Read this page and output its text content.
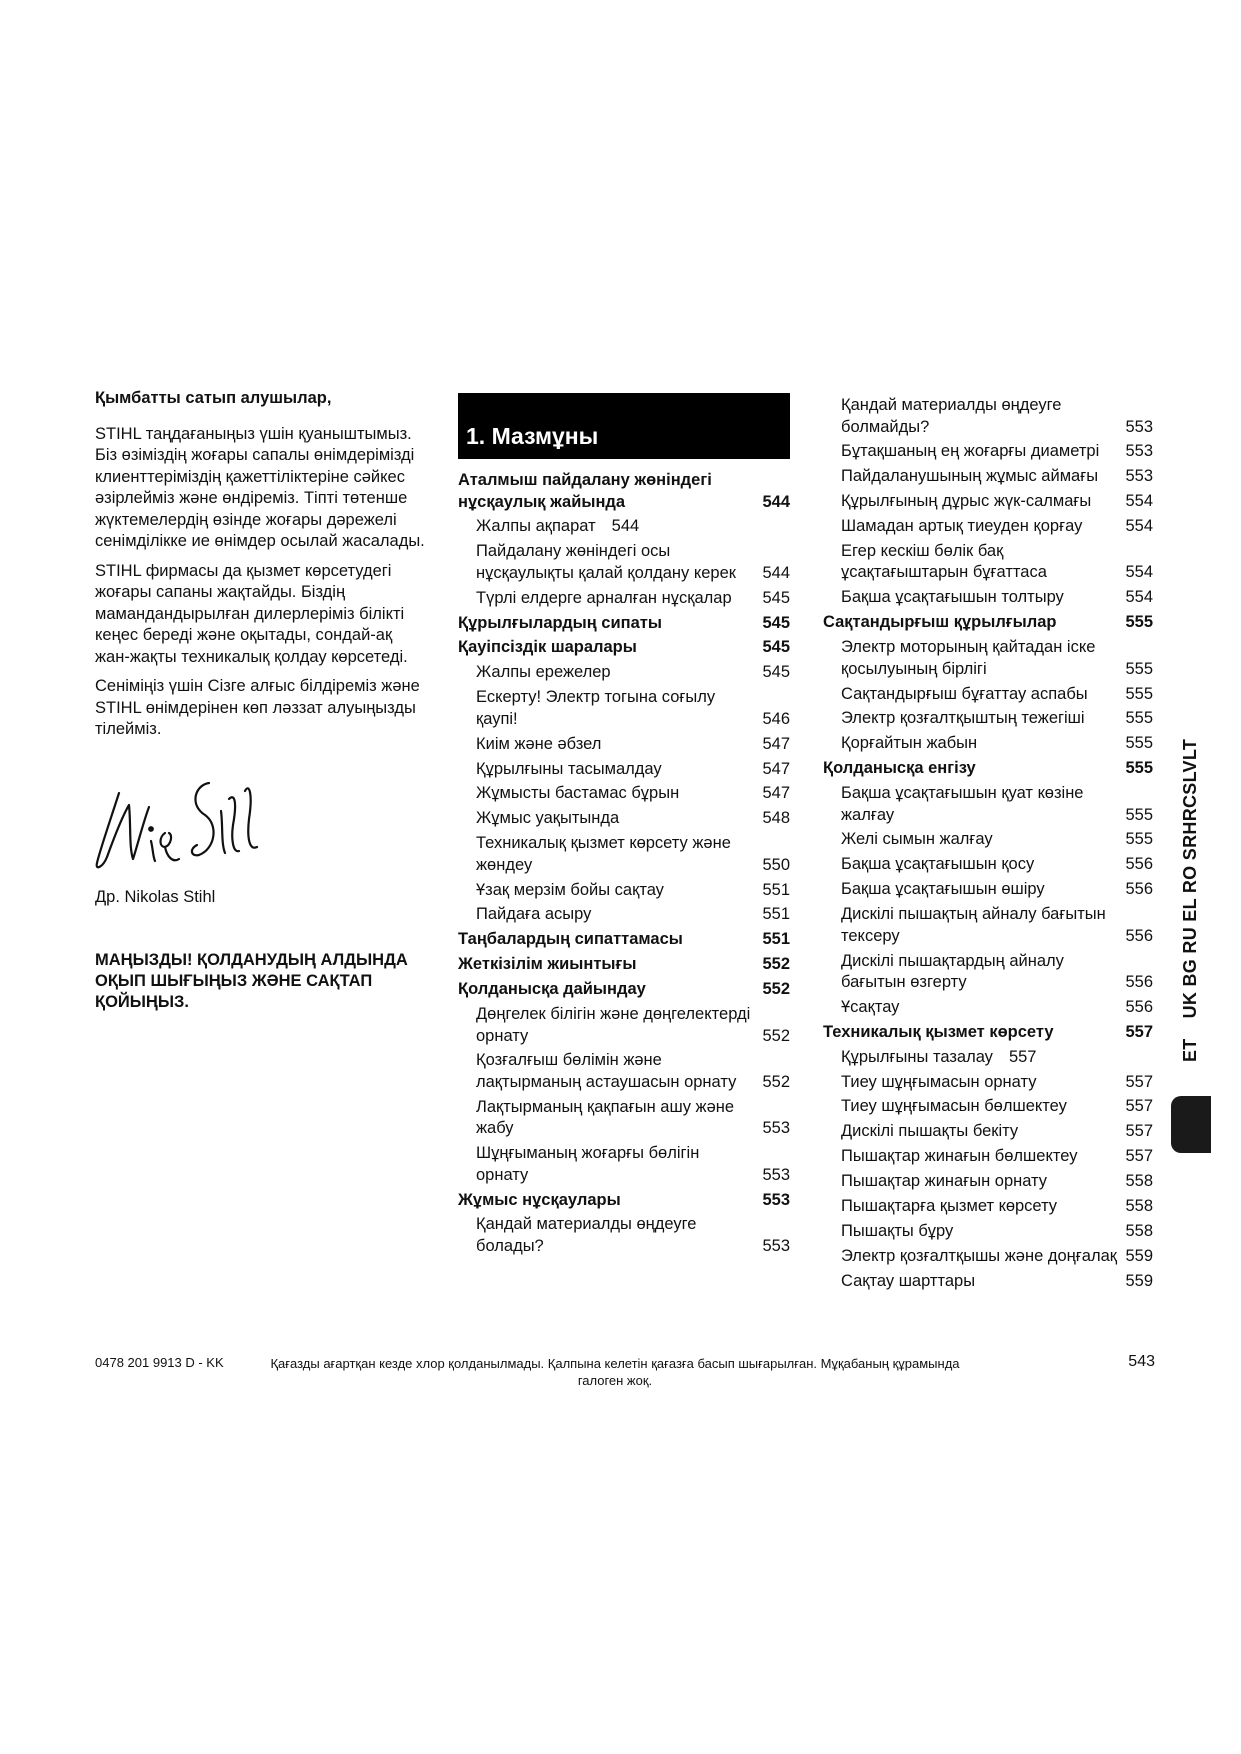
Қымбатты сатып алушылар,

STIHL таңдағаныңыз үшін қуаныштымыз. Біз өзіміздің жоғары сапалы өнімдерімізді клиенттеріміздің қажеттіліктеріне сәйкес әзірлейміз және өндіреміз. Тіпті төтенше жүктемелердің өзінде жоғары дәрежелі сенімділікке ие өнімдер осылай жасалады.

STIHL фирмасы да қызмет көрсетудегі жоғары сапаны жақтайды. Біздің мамандандырылған дилерлеріміз білікті кеңес береді және оқытады, сондай-ақ жан-жақты техникалық қолдау көрсетеді.

Сеніміңіз үшін Сізге алғыс білдіреміз және STIHL өнімдерінен көп ләззат алуыңызды тілейміз.

Др. Nikolas Stihl

МАҢЫЗДЫ! ҚОЛДАНУДЫҢ АЛДЫНДА ОҚЫП ШЫҒЫҢЫЗ ЖӘНЕ САҚТАП ҚОЙЫҢЫЗ.
1. Мазмұны
Аталмыш пайдалану жөніндегі нұсқаулық жайында	544
Жалпы ақпарат 544
Пайдалану жөніндегі осы нұсқаулықты қалай қолдану керек	544
Түрлі елдерге арналған нұсқалар	545
Құрылғылардың сипаты	545
Қауіпсіздік шаралары	545
Жалпы ережелер	545
Ескерту! Электр тогына соғылу қаупі!	546
Киім және әбзел	547
Құрылғыны тасымалдау	547
Жұмысты бастамас бұрын	547
Жұмыс уақытында	548
Техникалық қызмет көрсету және жөндеу	550
Ұзақ мерзім бойы сақтау	551
Пайдаға асыру	551
Таңбалардың сипаттамасы	551
Жеткізілім жиынтығы	552
Қолданысқа дайындау	552
Дөңгелек білігін және дөңгелектерді орнату	552
Қозғалғыш бөлімін және лақтырманың астаушасын орнату	552
Лақтырманың қақпағын ашу және жабу	553
Шұңғыманың жоғарғы бөлігін орнату	553
Жұмыс нұсқаулары	553
Қандай материалды өңдеуге болады?	553
Қандай материалды өңдеуге болмайды?	553
Бұтақшаның ең жоғарғы диаметрі	553
Пайдаланушының жұмыс аймағы	553
Құрылғының дұрыс жүк-салмағы	554
Шамадан артық тиеуден қорғау	554
Егер кескіш бөлік бақ ұсақтағыштарын бұғаттаса	554
Бақша ұсақтағышын толтыру	554
Сақтандырғыш құрылғылар	555
Электр моторының қайтадан іске қосылуының бірлігі	555
Сақтандырғыш бұғаттау аспабы	555
Электр қозғалтқыштың тежегіші	555
Қорғайтын жабын	555
Қолданысқа енгізу	555
Бақша ұсақтағышын қуат көзіне жалғау	555
Желі сымын жалғау	555
Бақша ұсақтағышын қосу	556
Бақша ұсақтағышын өшіру	556
Дискілі пышақтың айналу бағытын тексеру	556
Дискілі пышақтардың айналу бағытын өзгерту	556
Ұсақтау	556
Техникалық қызмет көрсету	557
Құрылғыны тазалау 557
Тиеу шұңғымасын орнату	557
Тиеу шұңғымасын бөлшектеу	557
Дискілі пышақты бекіту	557
Пышақтар жинағын бөлшектеу	557
Пышақтар жинағын орнату	558
Пышақтарға қызмет көрсету	558
Пышақты бұру	558
Электр қозғалтқышы және доңғалақ 559
Сақтау шарттары	559
ETUK BG RU EL RO SRHRCSLVLT
0478 201 9913 D - KK	Қағазды ағартқан кезде хлор қолданылмады. Қалпына келетін қағазға басып шығарылған. Мұқабаның құрамында галоген жоқ.
543
